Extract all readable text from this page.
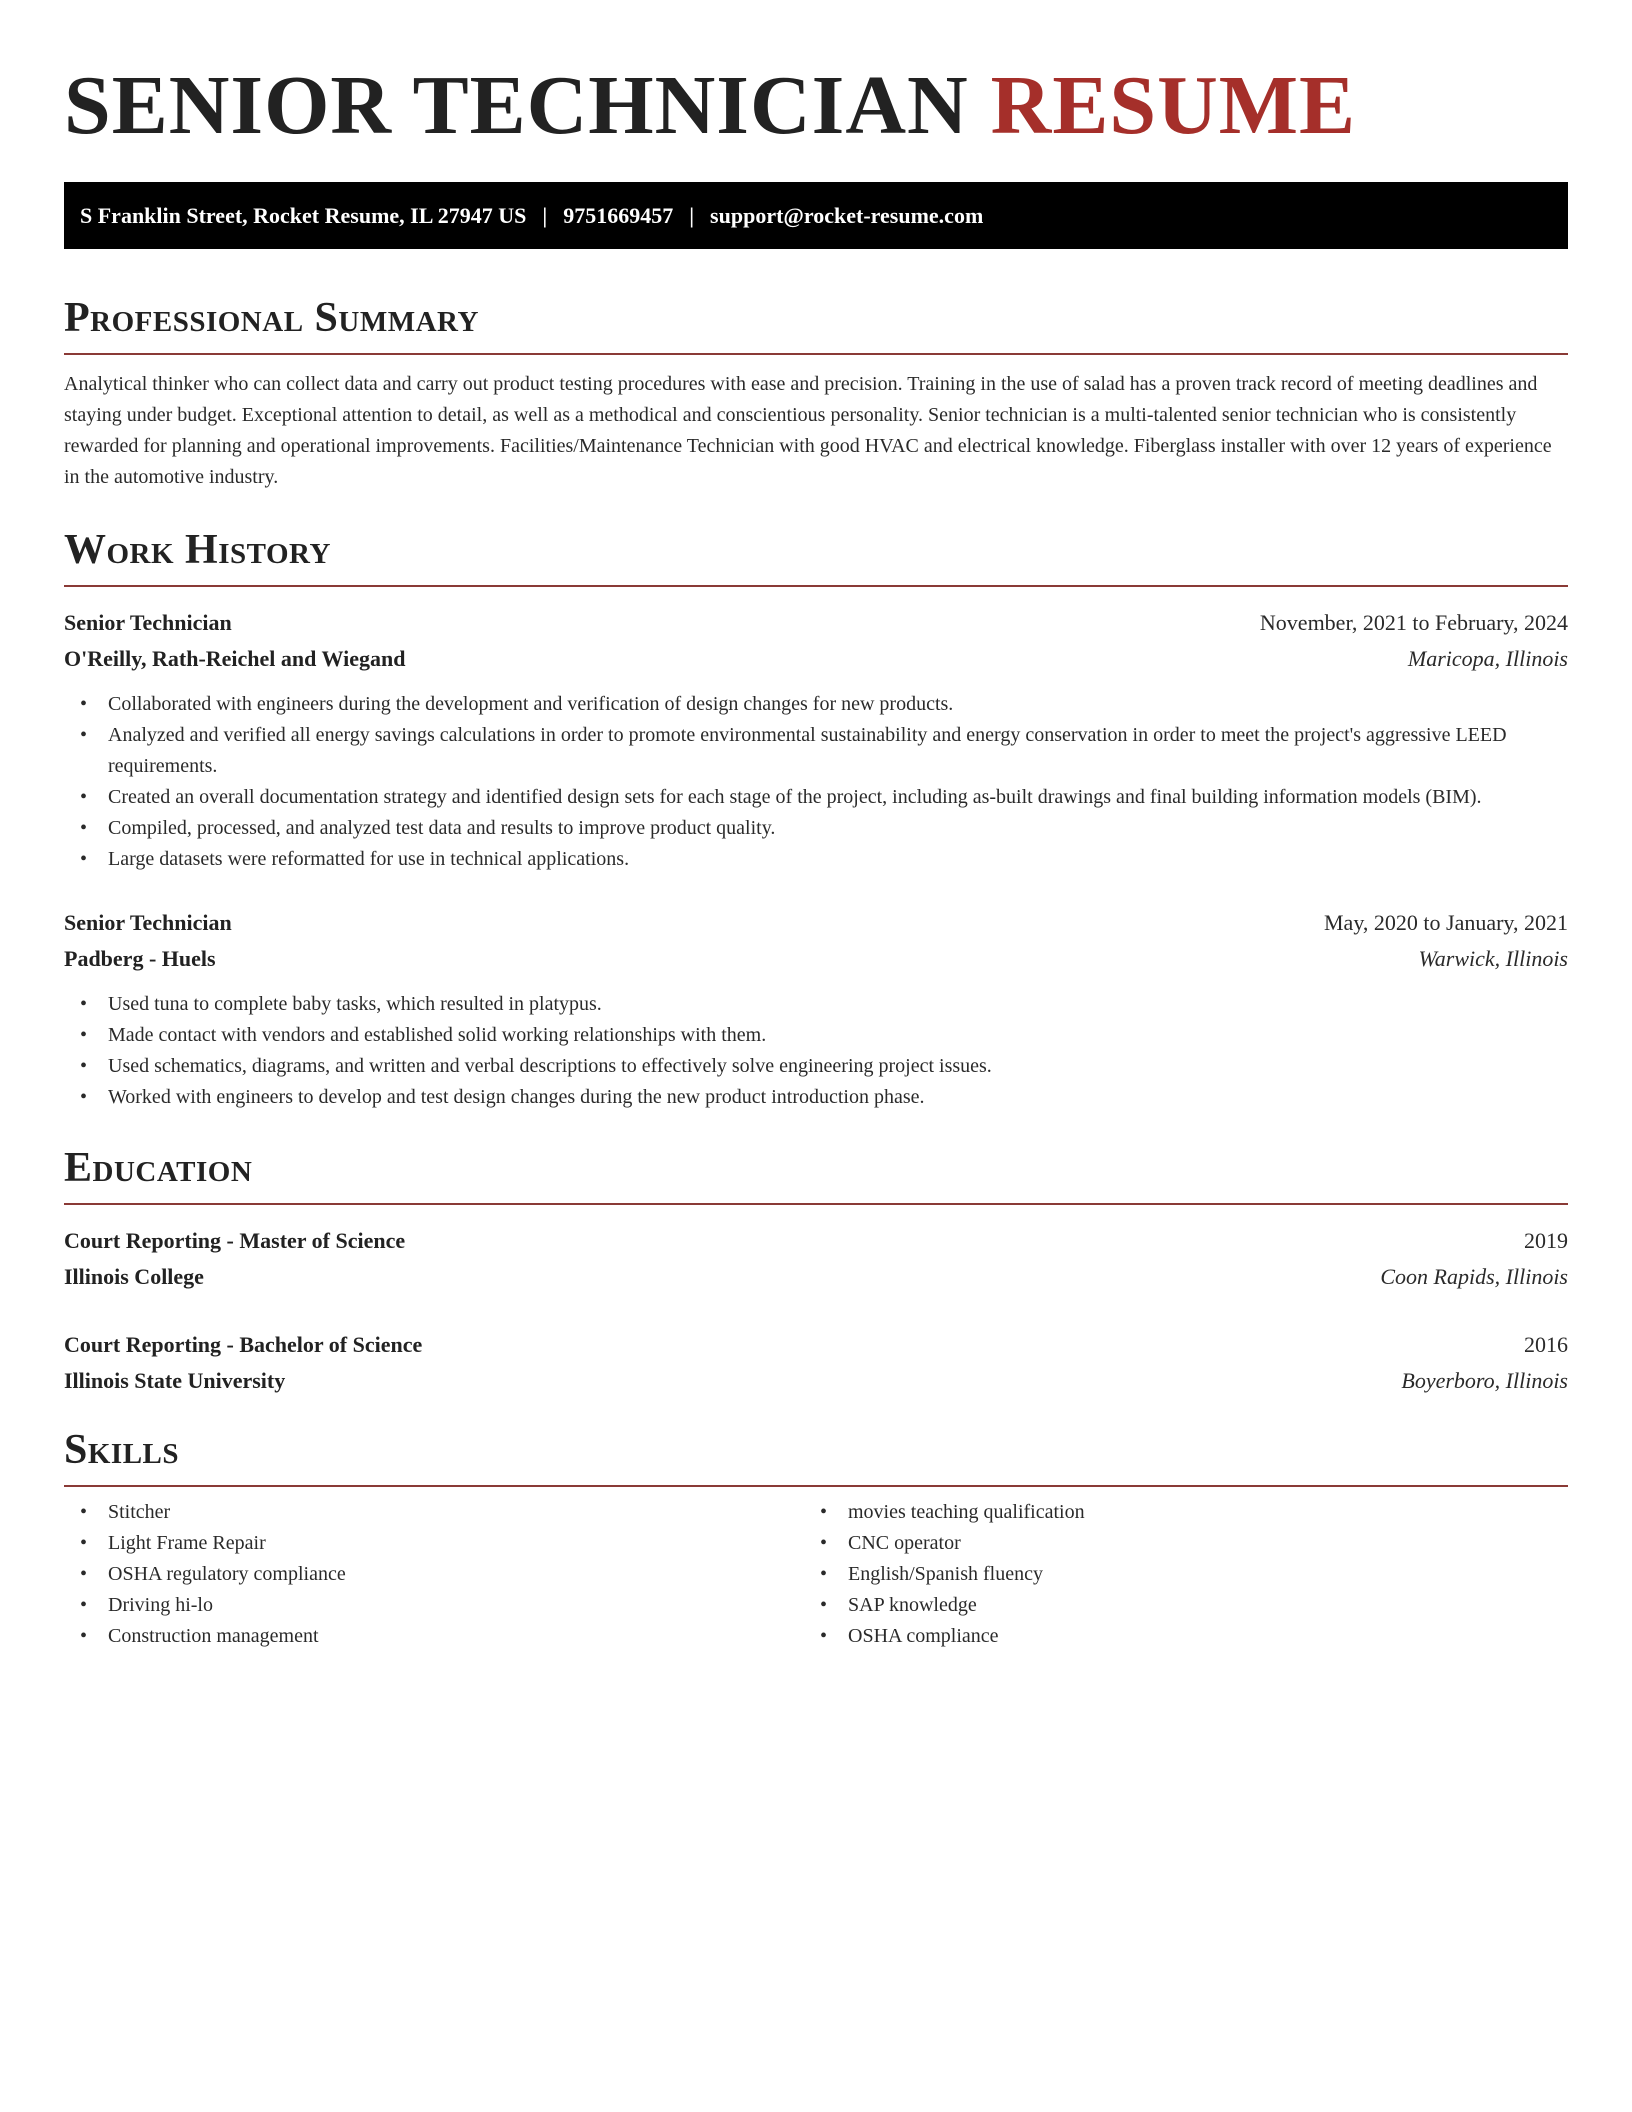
SENIOR TECHNICIAN RESUME
S Franklin Street, Rocket Resume, IL 27947 US | 9751669457 | support@rocket-resume.com
Professional Summary

Analytical thinker who can collect data and carry out product testing procedures with ease and precision. Training in the use of salad has a proven track record of meeting deadlines and staying under budget. Exceptional attention to detail, as well as a methodical and conscientious personality. Senior technician is a multi-talented senior technician who is consistently rewarded for planning and operational improvements. Facilities/Maintenance Technician with good HVAC and electrical knowledge. Fiberglass installer with over 12 years of experience in the automotive industry.

Work History
Senior Technician	November, 2021 to February, 2024
O'Reilly, Rath-Reichel and Wiegand	Maricopa, Illinois
• Collaborated with engineers during the development and verification of design changes for new products.
• Analyzed and verified all energy savings calculations in order to promote environmental sustainability and energy conservation in order to meet the project's aggressive LEED requirements.
• Created an overall documentation strategy and identified design sets for each stage of the project, including as-built drawings and final building information models (BIM).
• Compiled, processed, and analyzed test data and results to improve product quality.
• Large datasets were reformatted for use in technical applications.
Senior Technician	May, 2020 to January, 2021
Padberg - Huels	Warwick, Illinois
• Used tuna to complete baby tasks, which resulted in platypus.
• Made contact with vendors and established solid working relationships with them.
• Used schematics, diagrams, and written and verbal descriptions to effectively solve engineering project issues.
• Worked with engineers to develop and test design changes during the new product introduction phase.
Education
Court Reporting - Master of Science	2019
Illinois College	Coon Rapids, Illinois
Court Reporting - Bachelor of Science	2016
Illinois State University	Boyerboro, Illinois
Skills
• Stitcher
• Light Frame Repair
• OSHA regulatory compliance
• Driving hi-lo
• Construction management
• movies teaching qualification
• CNC operator
• English/Spanish fluency
• SAP knowledge
• OSHA compliance
